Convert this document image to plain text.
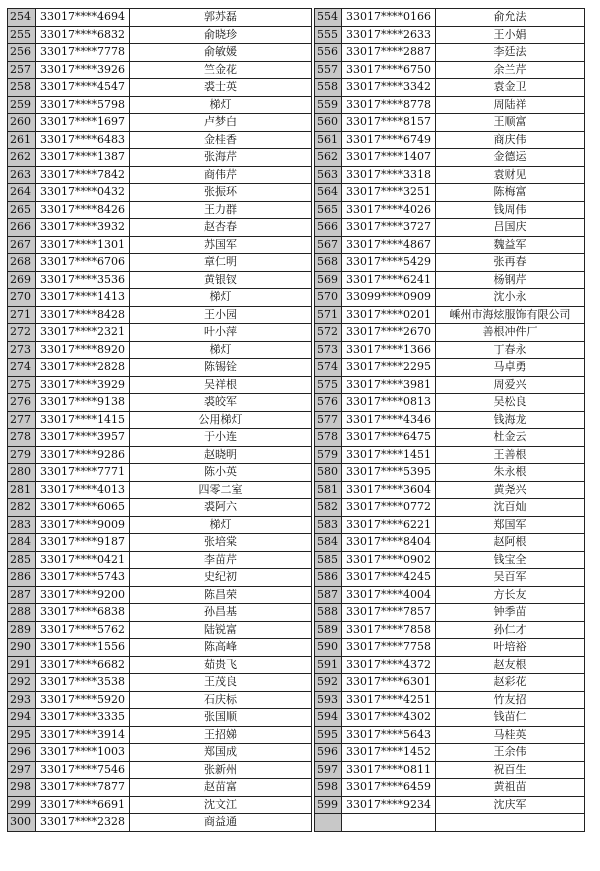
254	33017****4694	郭苏磊		554	33017****0166	俞允法
255	33017****6832	俞晓珍		555	33017****2633	王小娟
256	33017****7778	俞敏媛		556	33017****2887	李廷法
257	33017****3926	竺金花		557	33017****6750	余兰芹
258	33017****4547	裘士英		558	33017****3342	袁金卫
259	33017****5798	梯灯		559	33017****8778	周陆祥
260	33017****1697	卢梦白		560	33017****8157	王顺富
261	33017****6483	金桂香		561	33017****6749	商庆伟
262	33017****1387	张海芹		562	33017****1407	金德运
263	33017****7842	商伟芹		563	33017****3318	袁财见
264	33017****0432	张振环		564	33017****3251	陈梅富
265	33017****8426	王力群		565	33017****4026	钱周伟
266	33017****3932	赵杏春		566	33017****3727	吕国庆
267	33017****1301	苏国军		567	33017****4867	魏益军
268	33017****6706	章仁明		568	33017****5429	张再春
269	33017****3536	黄银钗		569	33017****6241	杨钢芹
270	33017****1413	梯灯		570	33099****0909	沈小永
271	33017****8428	王小园		571	33017****0201	嵊州市海炫服饰有限公司
272	33017****2321	叶小萍		572	33017****2670	善根冲件厂
273	33017****8920	梯灯		573	33017****1366	丁春永
274	33017****2828	陈锡铨		574	33017****2295	马卓勇
275	33017****3929	吴祥根		575	33017****3981	周爱兴
276	33017****9138	裘皎军		576	33017****0813	吴松良
277	33017****1415	公用梯灯		577	33017****4346	钱海龙
278	33017****3957	于小连		578	33017****6475	杜金云
279	33017****9286	赵晓明		579	33017****1451	王善根
280	33017****7771	陈小英		580	33017****5395	朱永根
281	33017****4013	四零二室		581	33017****3604	黄尧兴
282	33017****6065	裘阿六		582	33017****0772	沈百灿
283	33017****9009	梯灯		583	33017****6221	郑国军
284	33017****9187	张培棠		584	33017****8404	赵阿根
285	33017****0421	李苗芹		585	33017****0902	钱宝全
286	33017****5743	史纪初		586	33017****4245	吴百军
287	33017****9200	陈昌荣		587	33017****4004	方长友
288	33017****6838	孙昌基		588	33017****7857	钟季苗
289	33017****5762	陆锐富		589	33017****7858	孙仁才
290	33017****1556	陈高峰		590	33017****7758	叶培裕
291	33017****6682	茹贵飞		591	33017****4372	赵友根
292	33017****3538	王茂良		592	33017****6301	赵彩花
293	33017****5920	石庆标		593	33017****4251	竹友招
294	33017****3335	张国顺		594	33017****4302	钱苗仁
295	33017****3914	王招娣		595	33017****5643	马桂英
296	33017****1003	郑国成		596	33017****1452	王余伟
297	33017****7546	张新州		597	33017****0811	祝百生
298	33017****7877	赵苗富		598	33017****6459	黄祖苗
299	33017****6691	沈文江		599	33017****9234	沈庆军
300	33017****2328	商益通				
